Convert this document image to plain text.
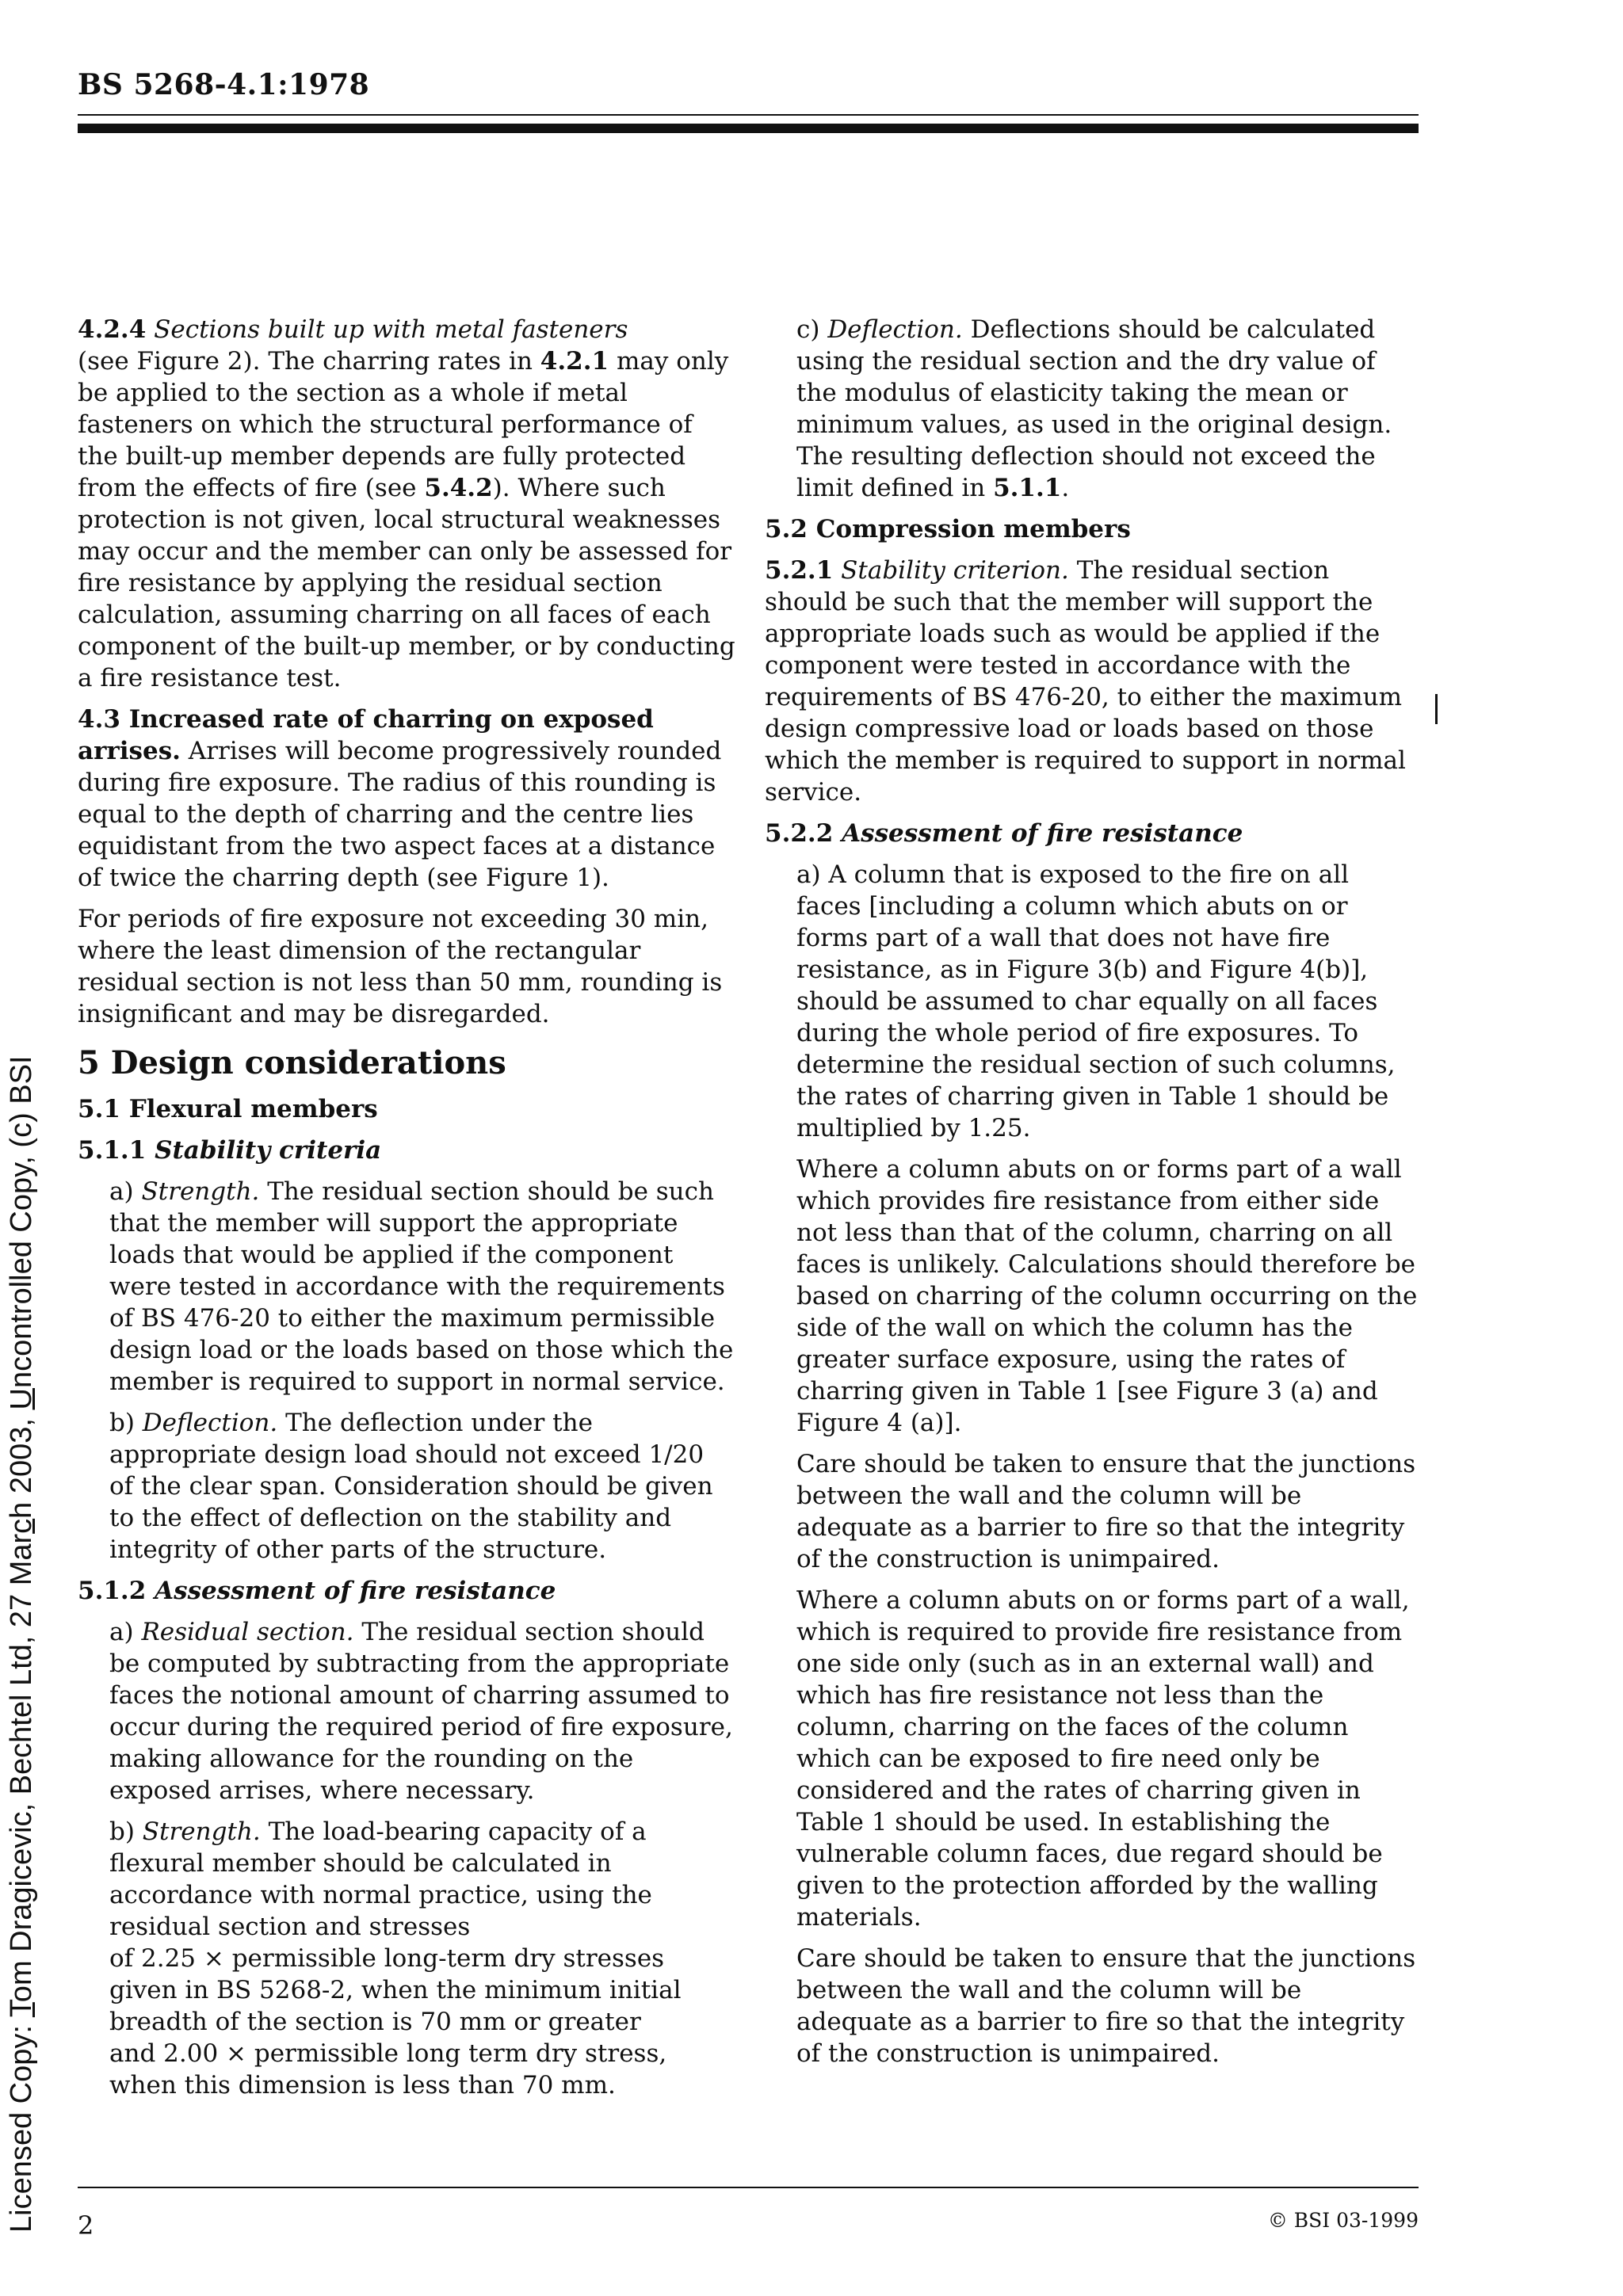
BS 5268-4.1:1978

4.2.4 Sections built up with metal fasteners
(see Figure 2). The charring rates in 4.2.1 may only be applied to the section as a whole if metal fasteners on which the structural performance of the built-up member depends are fully protected from the effects of fire (see 5.4.2). Where such protection is not given, local structural weaknesses may occur and the member can only be assessed for fire resistance by applying the residual section calculation, assuming charring on all faces of each component of the built-up member, or by conducting a fire resistance test.

4.3 Increased rate of charring on exposed arrises. Arrises will become progressively rounded during fire exposure. The radius of this rounding is equal to the depth of charring and the centre lies equidistant from the two aspect faces at a distance of twice the charring depth (see Figure 1).

For periods of fire exposure not exceeding 30 min, where the least dimension of the rectangular residual section is not less than 50 mm, rounding is insignificant and may be disregarded.

5 Design considerations
5.1 Flexural members
5.1.1 Stability criteria

a) Strength. The residual section should be such that the member will support the appropriate loads that would be applied if the component were tested in accordance with the requirements of BS 476-20 to either the maximum permissible design load or the loads based on those which the member is required to support in normal service.

b) Deflection. The deflection under the appropriate design load should not exceed 1/20 of the clear span. Consideration should be given to the effect of deflection on the stability and integrity of other parts of the structure.

5.1.2 Assessment of fire resistance

a) Residual section. The residual section should be computed by subtracting from the appropriate faces the notional amount of charring assumed to occur during the required period of fire exposure, making allowance for the rounding on the exposed arrises, where necessary.

b) Strength. The load-bearing capacity of a flexural member should be calculated in accordance with normal practice, using the residual section and stresses
of 2.25 × permissible long-term dry stresses given in BS 5268-2, when the minimum initial breadth of the section is 70 mm or greater
and 2.00 × permissible long term dry stress, when this dimension is less than 70 mm.

c) Deflection. Deflections should be calculated using the residual section and the dry value of the modulus of elasticity taking the mean or minimum values, as used in the original design. The resulting deflection should not exceed the limit defined in 5.1.1.

5.2 Compression members

5.2.1 Stability criterion. The residual section should be such that the member will support the appropriate loads such as would be applied if the component were tested in accordance with the requirements of BS 476-20, to either the maximum design compressive load or loads based on those which the member is required to support in normal service.

5.2.2 Assessment of fire resistance

a) A column that is exposed to the fire on all faces [including a column which abuts on or forms part of a wall that does not have fire resistance, as in Figure 3(b) and Figure 4(b)], should be assumed to char equally on all faces during the whole period of fire exposures. To determine the residual section of such columns, the rates of charring given in Table 1 should be multiplied by 1.25.

Where a column abuts on or forms part of a wall which provides fire resistance from either side not less than that of the column, charring on all faces is unlikely. Calculations should therefore be based on charring of the column occurring on the side of the wall on which the column has the greater surface exposure, using the rates of charring given in Table 1 [see Figure 3 (a) and Figure 4 (a)].

Care should be taken to ensure that the junctions between the wall and the column will be adequate as a barrier to fire so that the integrity of the construction is unimpaired.

Where a column abuts on or forms part of a wall, which is required to provide fire resistance from one side only (such as in an external wall) and which has fire resistance not less than the column, charring on the faces of the column which can be exposed to fire need only be considered and the rates of charring given in Table 1 should be used. In establishing the vulnerable column faces, due regard should be given to the protection afforded by the walling materials.

Care should be taken to ensure that the junctions between the wall and the column will be adequate as a barrier to fire so that the integrity of the construction is unimpaired.

2	© BSI 03-1999
Licensed Copy: Tom Dragicevic, Bechtel Ltd, 27 March 2003, Uncontrolled Copy, (c) BSI
